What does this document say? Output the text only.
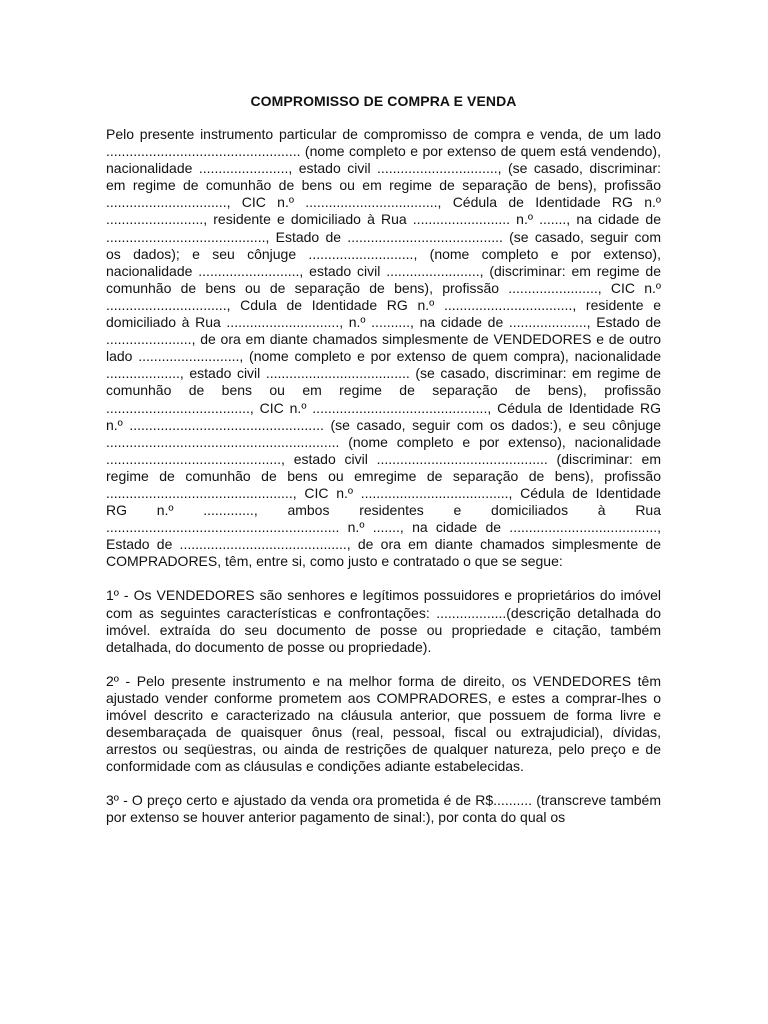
COMPROMISSO DE COMPRA E VENDA

Pelo presente instrumento particular de compromisso de compra e venda, de um lado .................................................. (nome completo e por extenso de quem está vendendo), nacionalidade ......................., estado civil ..............................., (se casado, discriminar: em regime de comunhão de bens ou em regime de separação de bens), profissão ..............................., CIC n.º .................................., Cédula de Identidade RG n.º ........................., residente e domiciliado à Rua ......................... n.º ......., na cidade de ........................................., Estado de ........................................ (se casado, seguir com os dados); e seu cônjuge ..........................., (nome completo e por extenso), nacionalidade .........................., estado civil ........................, (discriminar: em regime de comunhão de bens ou de separação de bens), profissão ......................., CIC n.º ..............................., Cdula de Identidade RG n.º ................................., residente e domiciliado à Rua ............................., n.º .........., na cidade de ...................., Estado de ......................, de ora em diante chamados simplesmente de VENDEDORES e de outro lado .........................., (nome completo e por extenso de quem compra), nacionalidade ..................., estado civil ..................................... (se casado, discriminar: em regime de comunhão de bens ou em regime de separação de bens), profissão ....................................., CIC n.º ............................................., Cédula de Identidade RG n.º .................................................. (se casado, seguir com os dados:), e seu cônjuge ............................................................ (nome completo e por extenso), nacionalidade ............................................., estado civil ............................................ (discriminar: em regime de comunhão de bens ou emregime de separação de bens), profissão ................................................, CIC n.º ......................................, Cédula de Identidade RG n.º ............., ambos residentes e domiciliados à Rua ............................................................ n.º ......., na cidade de ......................................, Estado de ..........................................., de ora em diante chamados simplesmente de COMPRADORES, têm, entre si, como justo e contratado o que se segue:

1º - Os VENDEDORES são senhores e legítimos possuidores e proprietários do imóvel com as seguintes características e confrontações: ..................(descrição detalhada do imóvel. extraída do seu documento de posse ou propriedade e citação, também detalhada, do documento de posse ou propriedade).

2º - Pelo presente instrumento e na melhor forma de direito, os VENDEDORES têm ajustado vender conforme prometem aos COMPRADORES, e estes a comprar-lhes o imóvel descrito e caracterizado na cláusula anterior, que possuem de forma livre e desembaraçada de quaisquer ônus (real, pessoal, fiscal ou extrajudicial), dívidas, arrestos ou seqüestras, ou ainda de restrições de qualquer natureza, pelo preço e de conformidade com as cláusulas e condições adiante estabelecidas.

3º - O preço certo e ajustado da venda ora prometida é de R$.......... (transcreve também por extenso se houver anterior pagamento de sinal:), por conta do qual os
